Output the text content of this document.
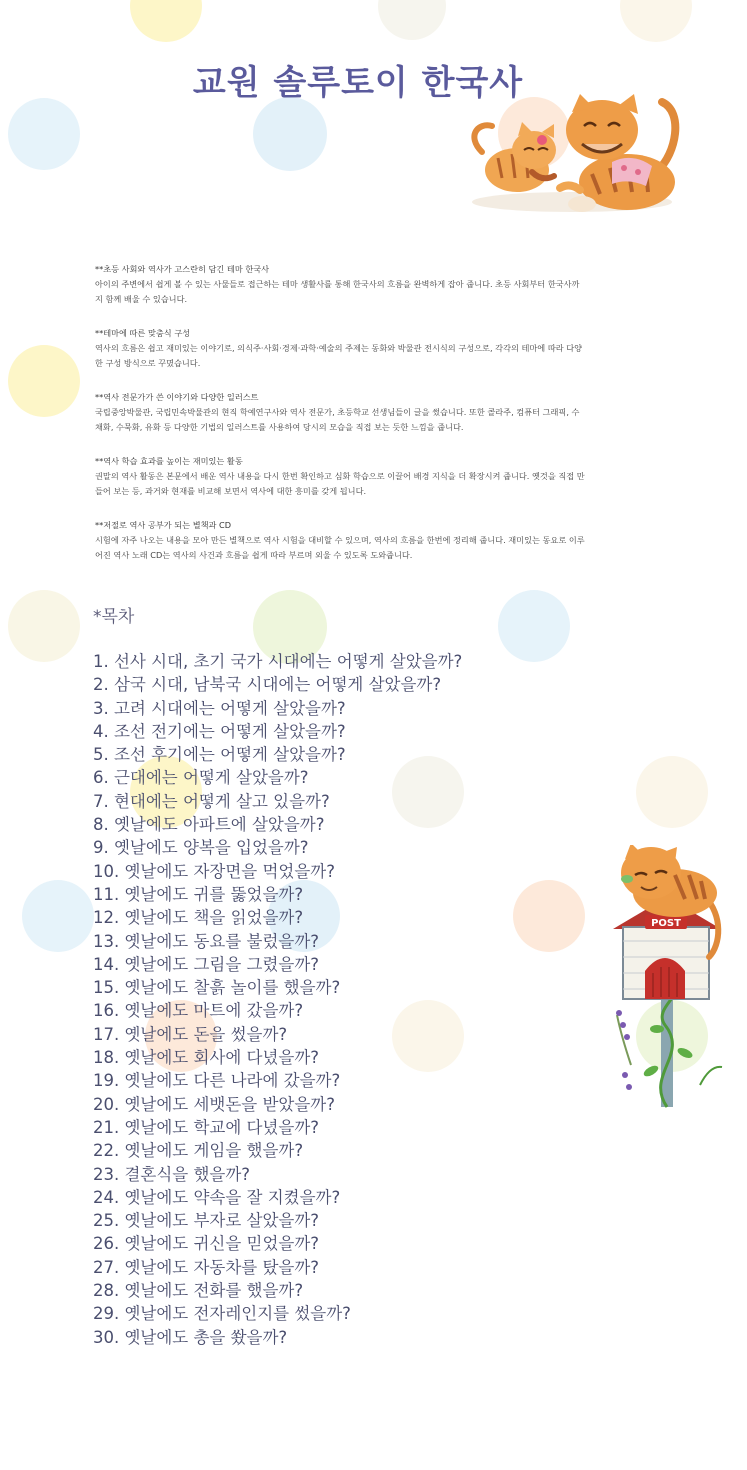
교원 솔루토이 한국사
**초등 사회와 역사가 고스란히 담긴 테마 한국사
아이의 주변에서 쉽게 볼 수 있는 사물들로 접근하는 테마 생활사를 통해 한국사의 흐름을 완벽하게 잡아 줍니다. 초등 사회부터 한국사까
지 함께 배울 수 있습니다.
**테마에 따른 맞춤식 구성
역사의 흐름은 쉽고 재미있는 이야기로, 의식주·사회·경제·과학·예술의 주제는 동화와 박물관 전시식의 구성으로, 각각의 테마에 따라 다양
한 구성 방식으로 꾸몄습니다.
**역사 전문가가 쓴 이야기와 다양한 일러스트
국립중앙박물관, 국립민속박물관의 현직 학예연구사와 역사 전문가, 초등학교 선생님들이 글을 썼습니다. 또한 콜라주, 컴퓨터 그래픽, 수
채화, 수묵화, 유화 등 다양한 기법의 일러스트를 사용하여 당시의 모습을 직접 보는 듯한 느낌을 줍니다.
**역사 학습 효과를 높이는 재미있는 활동
권말의 역사 활동은 본문에서 배운 역사 내용을 다시 한번 확인하고 심화 학습으로 이끌어 배경 지식을 더 확장시켜 줍니다. 옛것을 직접 만
들어 보는 등, 과거와 현재를 비교해 보면서 역사에 대한 흥미를 갖게 됩니다.
**저절로 역사 공부가 되는 별책과 CD
시험에 자주 나오는 내용을 모아 만든 별책으로 역사 시험을 대비할 수 있으며, 역사의 흐름을 한번에 정리해 줍니다. 재미있는 동요로 이루
어진 역사 노래 CD는 역사의 사건과 흐름을 쉽게 따라 부르며 외울 수 있도록 도와줍니다.
*목차
1. 선사 시대, 초기 국가 시대에는 어떻게 살았을까?
2. 삼국 시대, 남북국 시대에는 어떻게 살았을까?
3. 고려 시대에는 어떻게 살았을까?
4. 조선 전기에는 어떻게 살았을까?
5. 조선 후기에는 어떻게 살았을까?
6. 근대에는 어떻게 살았을까?
7. 현대에는 어떻게 살고 있을까?
8. 옛날에도 아파트에 살았을까?
9. 옛날에도 양복을 입었을까?
10. 옛날에도 자장면을 먹었을까?
11. 옛날에도 귀를 뚫었을까?
12. 옛날에도 책을 읽었을까?
13. 옛날에도 동요를 불렀을까?
14. 옛날에도 그림을 그렸을까?
15. 옛날에도 찰흙 놀이를 했을까?
16. 옛날에도 마트에 갔을까?
17. 옛날에도 돈을 썼을까?
18. 옛날에도 회사에 다녔을까?
19. 옛날에도 다른 나라에 갔을까?
20. 옛날에도 세뱃돈을 받았을까?
21. 옛날에도 학교에 다녔을까?
22. 옛날에도 게임을 했을까?
23. 결혼식을 했을까?
24. 옛날에도 약속을 잘 지켰을까?
25. 옛날에도 부자로 살았을까?
26. 옛날에도 귀신을 믿었을까?
27. 옛날에도 자동차를 탔을까?
28. 옛날에도 전화를 했을까?
29. 옛날에도 전자레인지를 썼을까?
30. 옛날에도 총을 쐈을까?
POST
